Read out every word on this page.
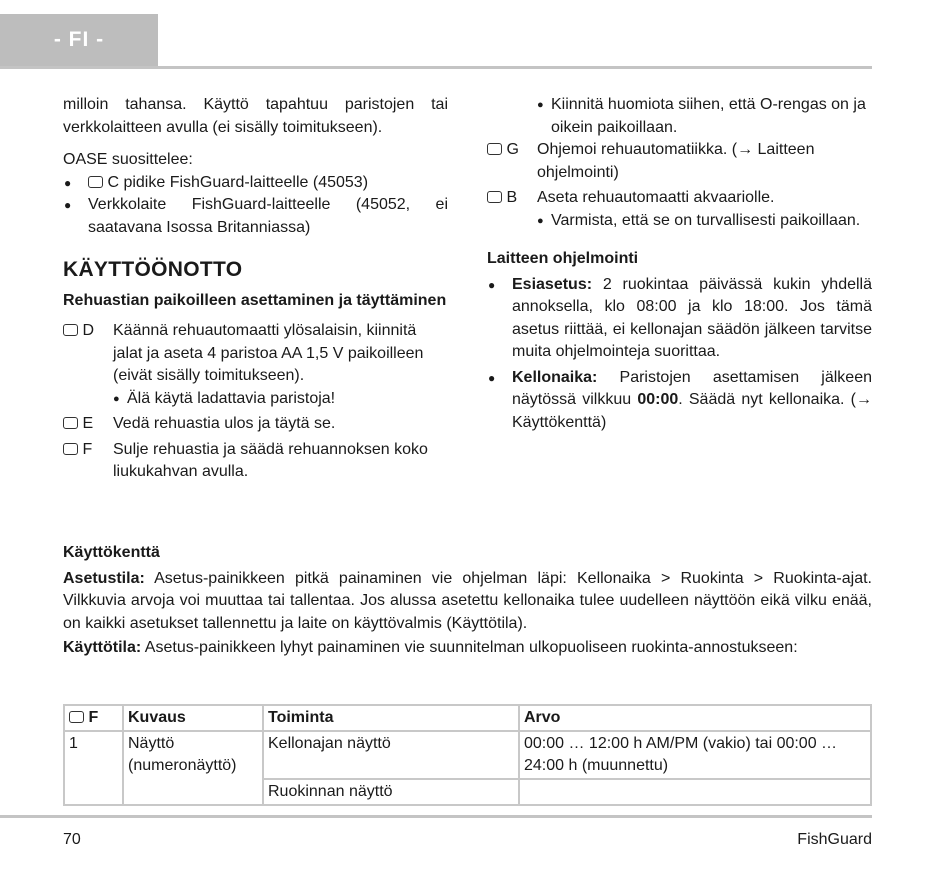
- FI -

milloin tahansa. Käyttö tapahtuu paristojen tai verkkolaitteen avulla (ei sisälly toimitukseen).

OASE suosittelee:

● C pidike FishGuard-laitteelle (45053)
● Verkkolaite FishGuard-laitteelle (45052, ei saatavana Isossa Britanniassa)
KÄYTTÖÖNOTTO

Rehuastian paikoilleen asettaminen ja täyttäminen

D	Käännä rehuautomaatti ylösalaisin, kiinnitä jalat ja aseta 4 paristoa AA 1,5 V paikoilleen (eivät sisälly toimitukseen).

● Älä käytä ladattavia paristoja!

E	Vedä rehuastia ulos ja täytä se.

F	Sulje rehuastia ja säädä rehuannoksen koko liukukahvan avulla.

● Kiinnitä huomiota siihen, että O-rengas on ja oikein paikoillaan.

G	Ohjemoi rehuautomatiikka. (→ Laitteen ohjelmointi)

B	Aseta rehuautomaatti akvaariolle.

● Varmista, että se on turvallisesti paikoillaan.

Laitteen ohjelmointi

● Esiasetus: 2 ruokintaa päivässä kukin yhdellä annoksella, klo 08:00 ja klo 18:00. Jos tämä asetus riittää, ei kellonajan säädön jälkeen tarvitse muita ohjelmointeja suorittaa.
● Kellonaika: Paristojen asettamisen jälkeen näytössä vilkkuu 00:00. Säädä nyt kellonaika. (→ Käyttökenttä)

Käyttökenttä

Asetustila: Asetus-painikkeen pitkä painaminen vie ohjelman läpi: Kellonaika > Ruokinta > Ruokinta-ajat. Vilkkuvia arvoja voi muuttaa tai tallentaa. Jos alussa asetettu kellonaika tulee uudelleen näyttöön eikä vilku enää, on kaikki asetukset tallennettu ja laite on käyttövalmis (Käyttötila).

Käyttötila: Asetus-painikkeen lyhyt painaminen vie suunnitelman ulkopuoliseen ruokinta-annostukseen:

F	Kuvaus	Toiminta	Arvo
1	Näyttö (numeronäyttö)	Kellonajan näyttö	00:00 … 12:00 h AM/PM (vakio) tai 00:00 … 24:00 h (muunnettu)
		Ruokinnan näyttö	
70	FishGuard
